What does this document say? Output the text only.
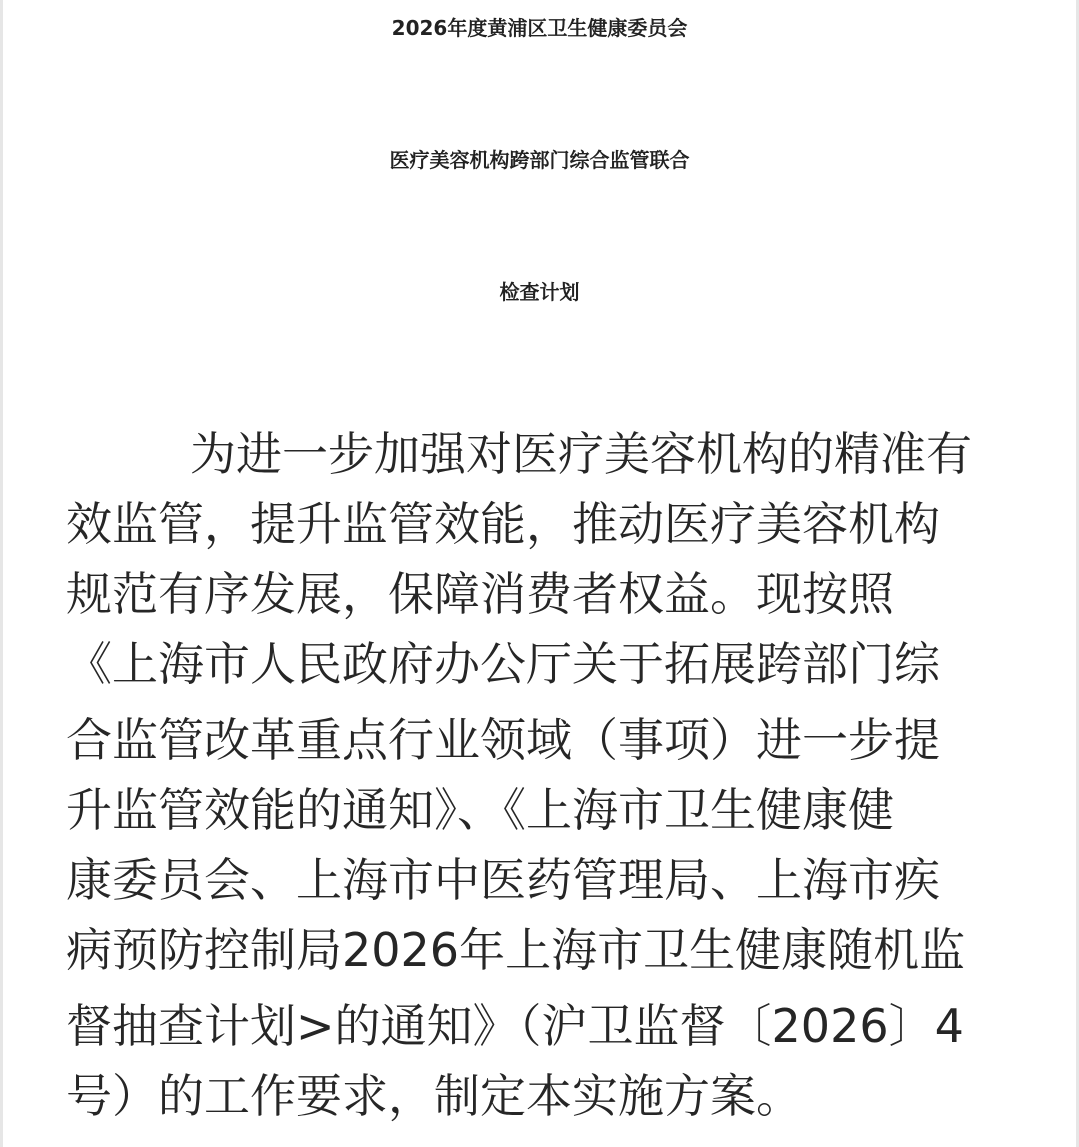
2026年度黄浦区卫生健康委员会
医疗美容机构跨部门综合监管联合
检查计划
为进一步加强对医疗美容机构的精准有
效监管，提升监管效能，推动医疗美容机构
规范有序发展，保障消费者权益。现按照
《上海市人民政府办公厅关于拓展跨部门综
合监管改革重点行业领域（事项）进一步提
升监管效能的通知》、《上海市卫生健康健
康委员会、上海市中医药管理局、上海市疾
病预防控制局2026年上海市卫生健康随机监
督抽查计划>的通知》（沪卫监督〔2026〕4
号）的工作要求，制定本实施方案。
